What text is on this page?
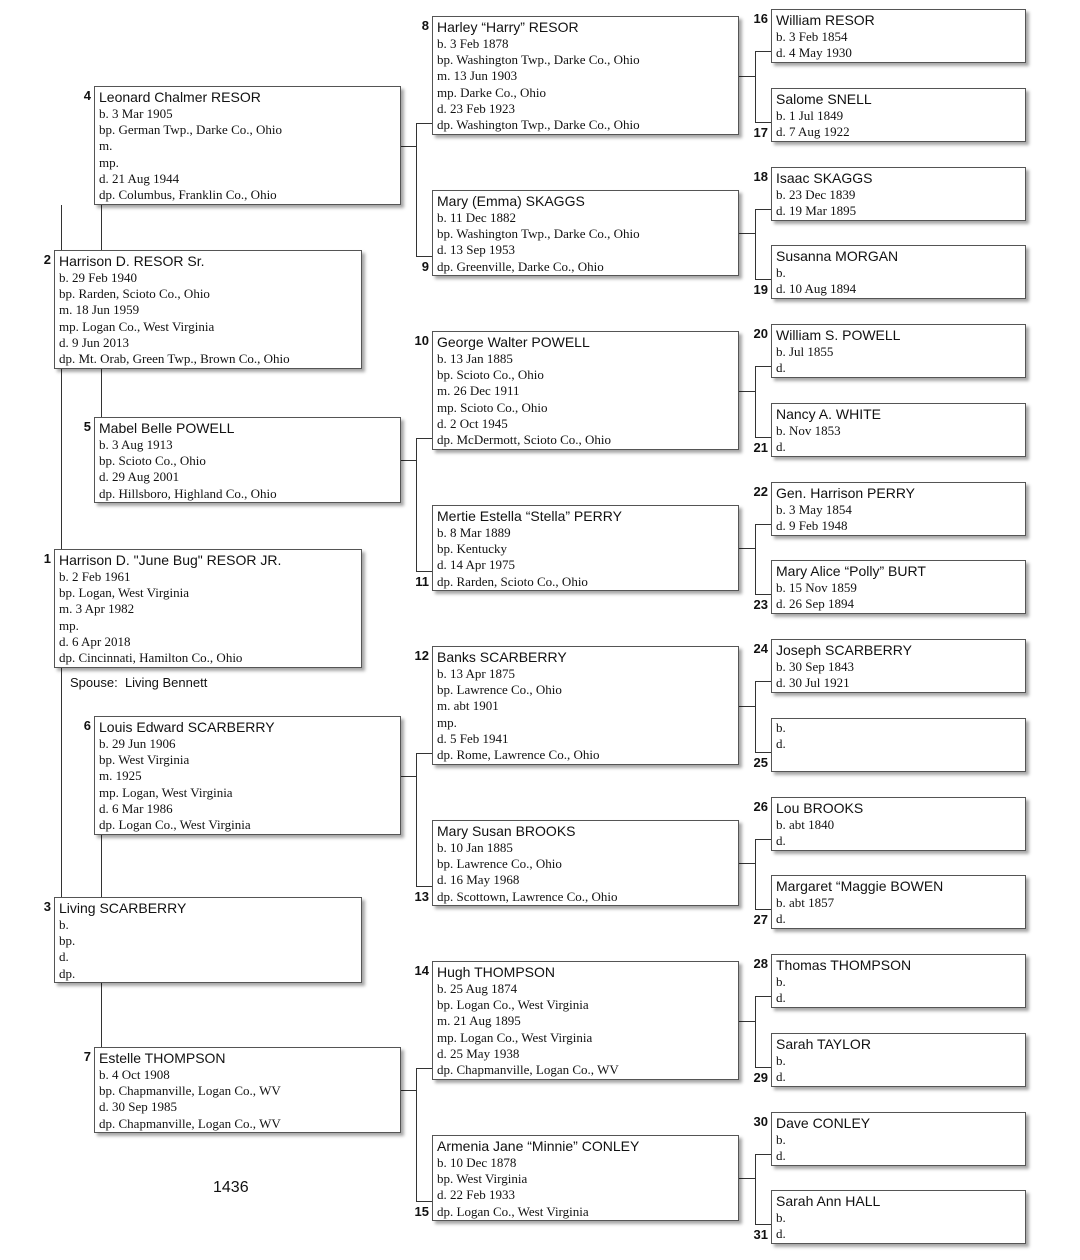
Harrison D. "June Bug" RESOR JR.
b. 2 Feb 1961
bp. Logan, West Virginia
m. 3 Apr 1982
mp.
d. 6 Apr 2018
dp. Cincinnati, Hamilton Co., Ohio
1
Harrison D. RESOR Sr.
b. 29 Feb 1940
bp. Rarden, Scioto Co., Ohio
m. 18 Jun 1959
mp. Logan Co., West Virginia
d. 9 Jun 2013
dp. Mt. Orab, Green Twp., Brown Co., Ohio
2
Living SCARBERRY
b.
bp.
d.
dp.
3
Leonard Chalmer RESOR
b. 3 Mar 1905
bp. German Twp., Darke Co., Ohio
m.
mp.
d. 21 Aug 1944
dp. Columbus, Franklin Co., Ohio
4
Mabel Belle POWELL
b. 3 Aug 1913
bp. Scioto Co., Ohio
d. 29 Aug 2001
dp. Hillsboro, Highland Co., Ohio
5
Louis Edward SCARBERRY
b. 29 Jun 1906
bp. West Virginia
m. 1925
mp. Logan, West Virginia
d. 6 Mar 1986
dp. Logan Co., West Virginia
6
Estelle THOMPSON
b. 4 Oct 1908
bp. Chapmanville, Logan Co., WV
d. 30 Sep 1985
dp. Chapmanville, Logan Co., WV
7
Harley “Harry” RESOR
b. 3 Feb 1878
bp. Washington Twp., Darke Co., Ohio
m. 13 Jun 1903
mp. Darke Co., Ohio
d. 23 Feb 1923
dp. Washington Twp., Darke Co., Ohio
8
Mary (Emma) SKAGGS
b. 11 Dec 1882
bp. Washington Twp., Darke Co., Ohio
d. 13 Sep 1953
dp. Greenville, Darke Co., Ohio
9
George Walter POWELL
b. 13 Jan 1885
bp. Scioto Co., Ohio
m. 26 Dec 1911
mp. Scioto Co., Ohio
d. 2 Oct 1945
dp. McDermott, Scioto Co., Ohio
10
Mertie Estella “Stella” PERRY
b. 8 Mar 1889
bp. Kentucky
d. 14 Apr 1975
dp. Rarden, Scioto Co., Ohio
11
Banks SCARBERRY
b. 13 Apr 1875
bp. Lawrence Co., Ohio
m. abt 1901
mp.
d. 5 Feb 1941
dp. Rome, Lawrence Co., Ohio
12
Mary Susan BROOKS
b. 10 Jan 1885
bp. Lawrence Co., Ohio
d. 16 May 1968
dp. Scottown, Lawrence Co., Ohio
13
Hugh THOMPSON
b. 25 Aug 1874
bp. Logan Co., West Virginia
m. 21 Aug 1895
mp. Logan Co., West Virginia
d. 25 May 1938
dp. Chapmanville, Logan Co., WV
14
Armenia Jane “Minnie” CONLEY
b. 10 Dec 1878
bp. West Virginia
d. 22 Feb 1933
dp. Logan Co., West Virginia
15
William RESOR
b. 3 Feb 1854
d. 4 May 1930
16
Salome SNELL
b. 1 Jul 1849
d. 7 Aug 1922
17
Isaac SKAGGS
b. 23 Dec 1839
d. 19 Mar 1895
18
Susanna MORGAN
b.
d. 10 Aug 1894
19
William S. POWELL
b. Jul 1855
d.
20
Nancy A. WHITE
b. Nov 1853
d.
21
Gen. Harrison PERRY
b. 3 May 1854
d. 9 Feb 1948
22
Mary Alice “Polly” BURT
b. 15 Nov 1859
d. 26 Sep 1894
23
Joseph SCARBERRY
b. 30 Sep 1843
d. 30 Jul 1921
24
b.
d.
25
Lou BROOKS
b. abt 1840
d.
26
Margaret “Maggie BOWEN
b. abt 1857
d.
27
Thomas THOMPSON
b.
d.
28
Sarah TAYLOR
b.
d.
29
Dave CONLEY
b.
d.
30
Sarah Ann HALL
b.
d.
31
Spouse: Living Bennett
1436
